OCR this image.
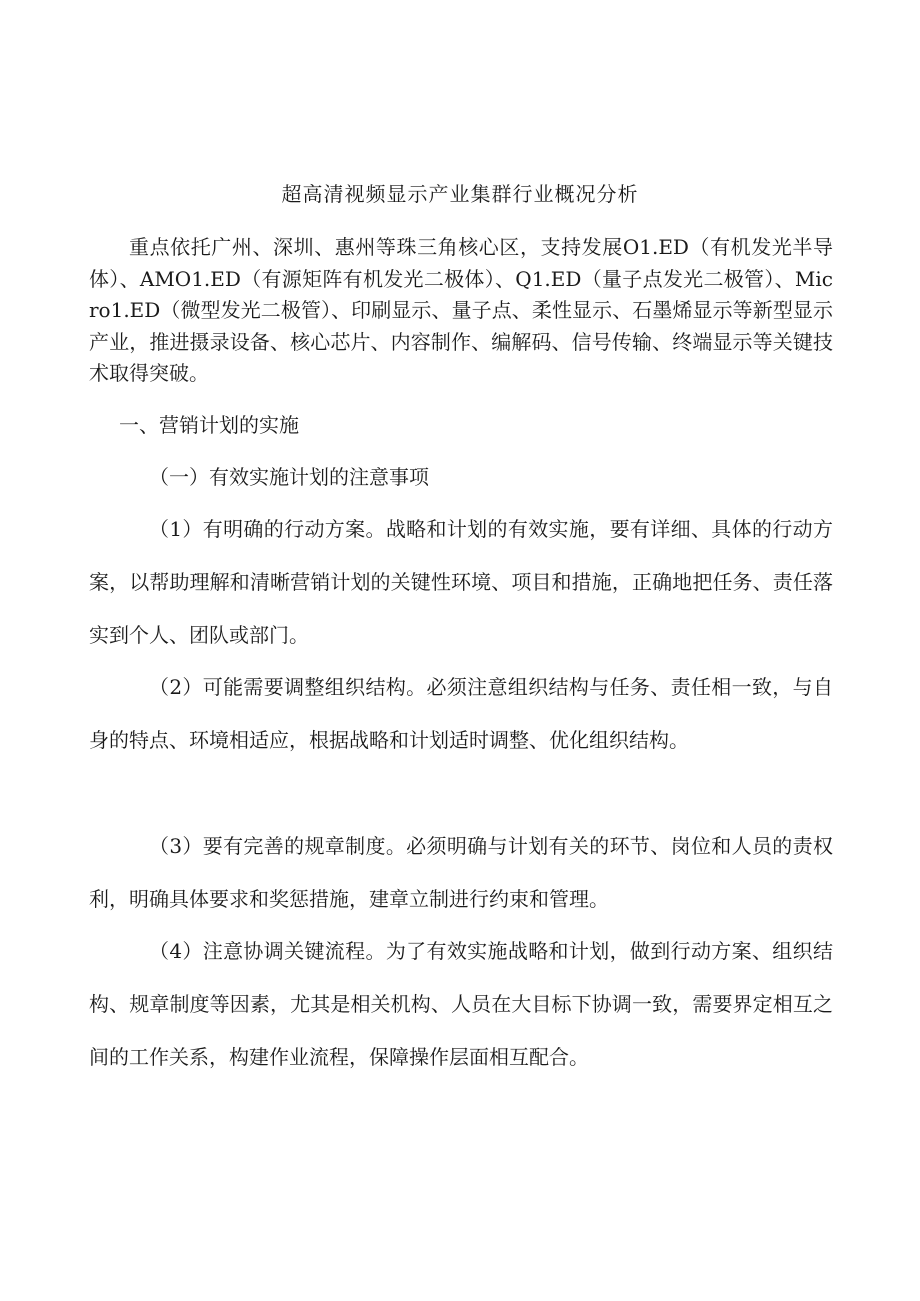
超高清视频显示产业集群行业概况分析

重点依托广州、深圳、惠州等珠三角核心区，支持发展O1.ED（有机发光半导体）、AMO1.ED（有源矩阵有机发光二极体）、Q1.ED（量子点发光二极管）、Micro1.ED（微型发光二极管）、印刷显示、量子点、柔性显示、石墨烯显示等新型显示产业，推进摄录设备、核心芯片、内容制作、编解码、信号传输、终端显示等关键技术取得突破。

一、营销计划的实施

（一）有效实施计划的注意事项

（1）有明确的行动方案。战略和计划的有效实施，要有详细、具体的行动方案，以帮助理解和清晰营销计划的关键性环境、项目和措施，正确地把任务、责任落实到个人、团队或部门。

（2）可能需要调整组织结构。必须注意组织结构与任务、责任相一致，与自身的特点、环境相适应，根据战略和计划适时调整、优化组织结构。

（3）要有完善的规章制度。必须明确与计划有关的环节、岗位和人员的责权利，明确具体要求和奖惩措施，建章立制进行约束和管理。

（4）注意协调关键流程。为了有效实施战略和计划，做到行动方案、组织结构、规章制度等因素，尤其是相关机构、人员在大目标下协调一致，需要界定相互之间的工作关系，构建作业流程，保障操作层面相互配合。
